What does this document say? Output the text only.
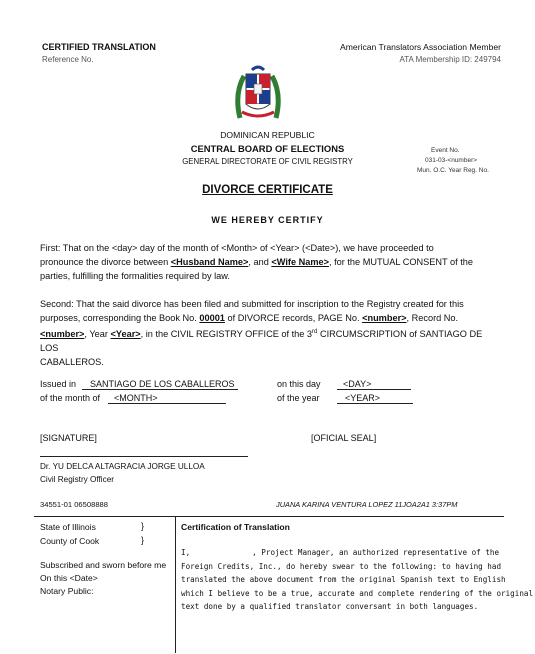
CERTIFIED TRANSLATION
Reference No.
American Translators Association Member
ATA Membership ID: 249794
DOMINICAN REPUBLIC
CENTRAL BOARD OF ELECTIONS
GENERAL DIRECTORATE OF CIVIL REGISTRY
Event No.
031-03-<number>
Mun. O.C. Year Reg. No.
DIVORCE CERTIFICATE
WE HEREBY CERTIFY
First: That on the <day> day of the month of <Month> of <Year> (<Date>), we have proceeded to
pronounce the divorce between <Husband Name>, and <Wife Name>, for the MUTUAL CONSENT of the
parties, fulfilling the formalities required by law.
Second: That the said divorce has been filed and submitted for inscription to the Registry created for this
purposes, corresponding the Book No. 00001 of DIVORCE records, PAGE No. <number>, Record No.
<number>, Year <Year>, in the CIVIL REGISTRY OFFICE of the 3rd CIRCUMSCRIPTION of SANTIAGO DE LOS
CABALLEROS.
Issued in	SANTIAGO DE LOS CABALLEROS
of the month of	<MONTH>
on this day	<DAY>
of the year	<YEAR>
[SIGNATURE]	[OFICIAL SEAL]
Dr. YU DELCA ALTAGRACIA JORGE ULLOA
Civil Registry Officer
34551-01 06508888	JUANA KARINA VENTURA LOPEZ 11JOA2A1 3:37PM
State of Illinois	}
County of Cook	}
Subscribed and sworn before me
On this <Date>
Notary Public:
Certification of Translation
I,	, Project Manager, an authorized representative of the
Foreign Credits, Inc., do hereby swear to the following: to having had
translated the above document from the original Spanish text to English
which I believe to be a true, accurate and complete rendering of the original
text done by a qualified translator conversant in both languages.
